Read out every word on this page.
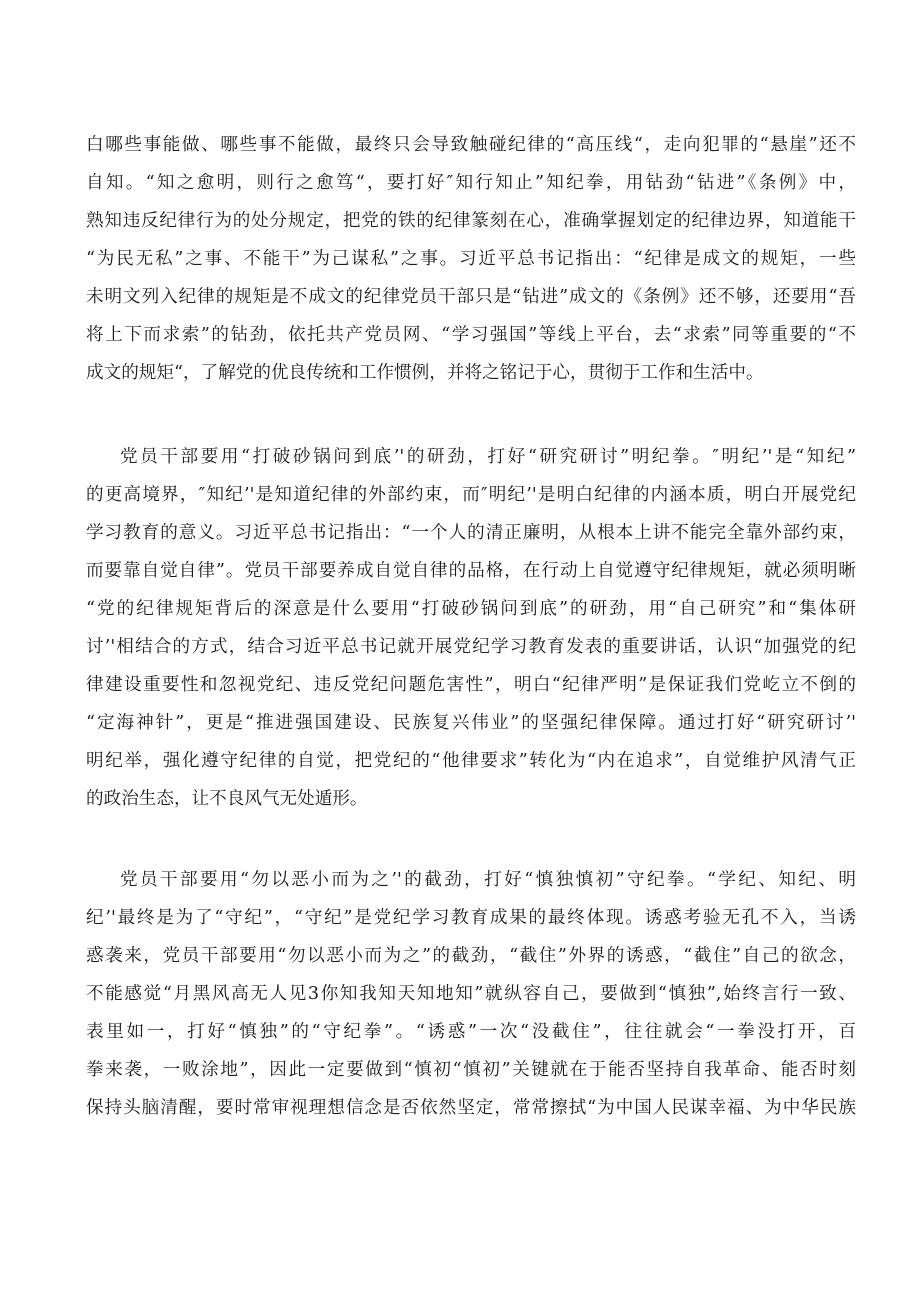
白哪些事能做、哪些事不能做，最终只会导致触碰纪律的“高压线“，走向犯罪的“悬崖”还不
自知。“知之愈明，则行之愈笃“，要打好″知行知止”知纪拳，用钻劲“钻进”《条例》中，
熟知违反纪律行为的处分规定，把党的铁的纪律篆刻在心，准确掌握划定的纪律边界，知道能干
“为民无私”之事、不能干”为己谋私”之事。习近平总书记指出：“纪律是成文的规矩，一些
未明文列入纪律的规矩是不成文的纪律党员干部只是“钻进”成文的《条例》还不够，还要用“吾
将上下而求索”的钻劲，依托共产党员网、“学习强国”等线上平台，去“求索”同等重要的“不
成文的规矩“，了解党的优良传统和工作惯例，并将之铭记于心，贯彻于工作和生活中。
党员干部要用“打破砂锅问到底’'的研劲，打好“研究研讨”明纪拳。″明纪’'是“知纪”
的更高境界，″知纪’'是知道纪律的外部约束，而″明纪’'是明白纪律的内涵本质，明白开展党纪
学习教育的意义。习近平总书记指出：“一个人的清正廉明，从根本上讲不能完全靠外部约束，
而要靠自觉自律”。党员干部要养成自觉自律的品格，在行动上自觉遵守纪律规矩，就必须明晰
“党的纪律规矩背后的深意是什么要用“打破砂锅问到底”的研劲，用“自己研究”和“集体研
讨’'相结合的方式，结合习近平总书记就开展党纪学习教育发表的重要讲话，认识“加强党的纪
律建设重要性和忽视党纪、违反党纪问题危害性”，明白“纪律严明”是保证我们党屹立不倒的
“定海神针”，更是“推进强国建设、民族复兴伟业”的坚强纪律保障。通过打好“研究研讨’'
明纪举，强化遵守纪律的自觉，把党纪的“他律要求”转化为“内在追求”，自觉维护风清气正
的政治生态，让不良风气无处遁形。
党员干部要用“勿以恶小而为之’'的截劲，打好“慎独慎初”守纪拳。“学纪、知纪、明
纪’'最终是为了“守纪”，“守纪”是党纪学习教育成果的最终体现。诱惑考验无孔不入，当诱
惑袭来，党员干部要用“勿以恶小而为之”的截劲，“截住”外界的诱惑，“截住”自己的欲念，
不能感觉“月黑风高无人见3你知我知天知地知”就纵容自己，要做到“慎独”,始终言行一致、
表里如一，打好“慎独”的“守纪拳”。“诱惑”一次“没截住”，往往就会“一拳没打开，百
拳来袭，一败涂地”，因此一定要做到“慎初“慎初”关键就在于能否坚持自我革命、能否时刻
保持头脑清醒，要时常审视理想信念是否依然坚定，常常擦拭“为中国人民谋幸福、为中华民族
